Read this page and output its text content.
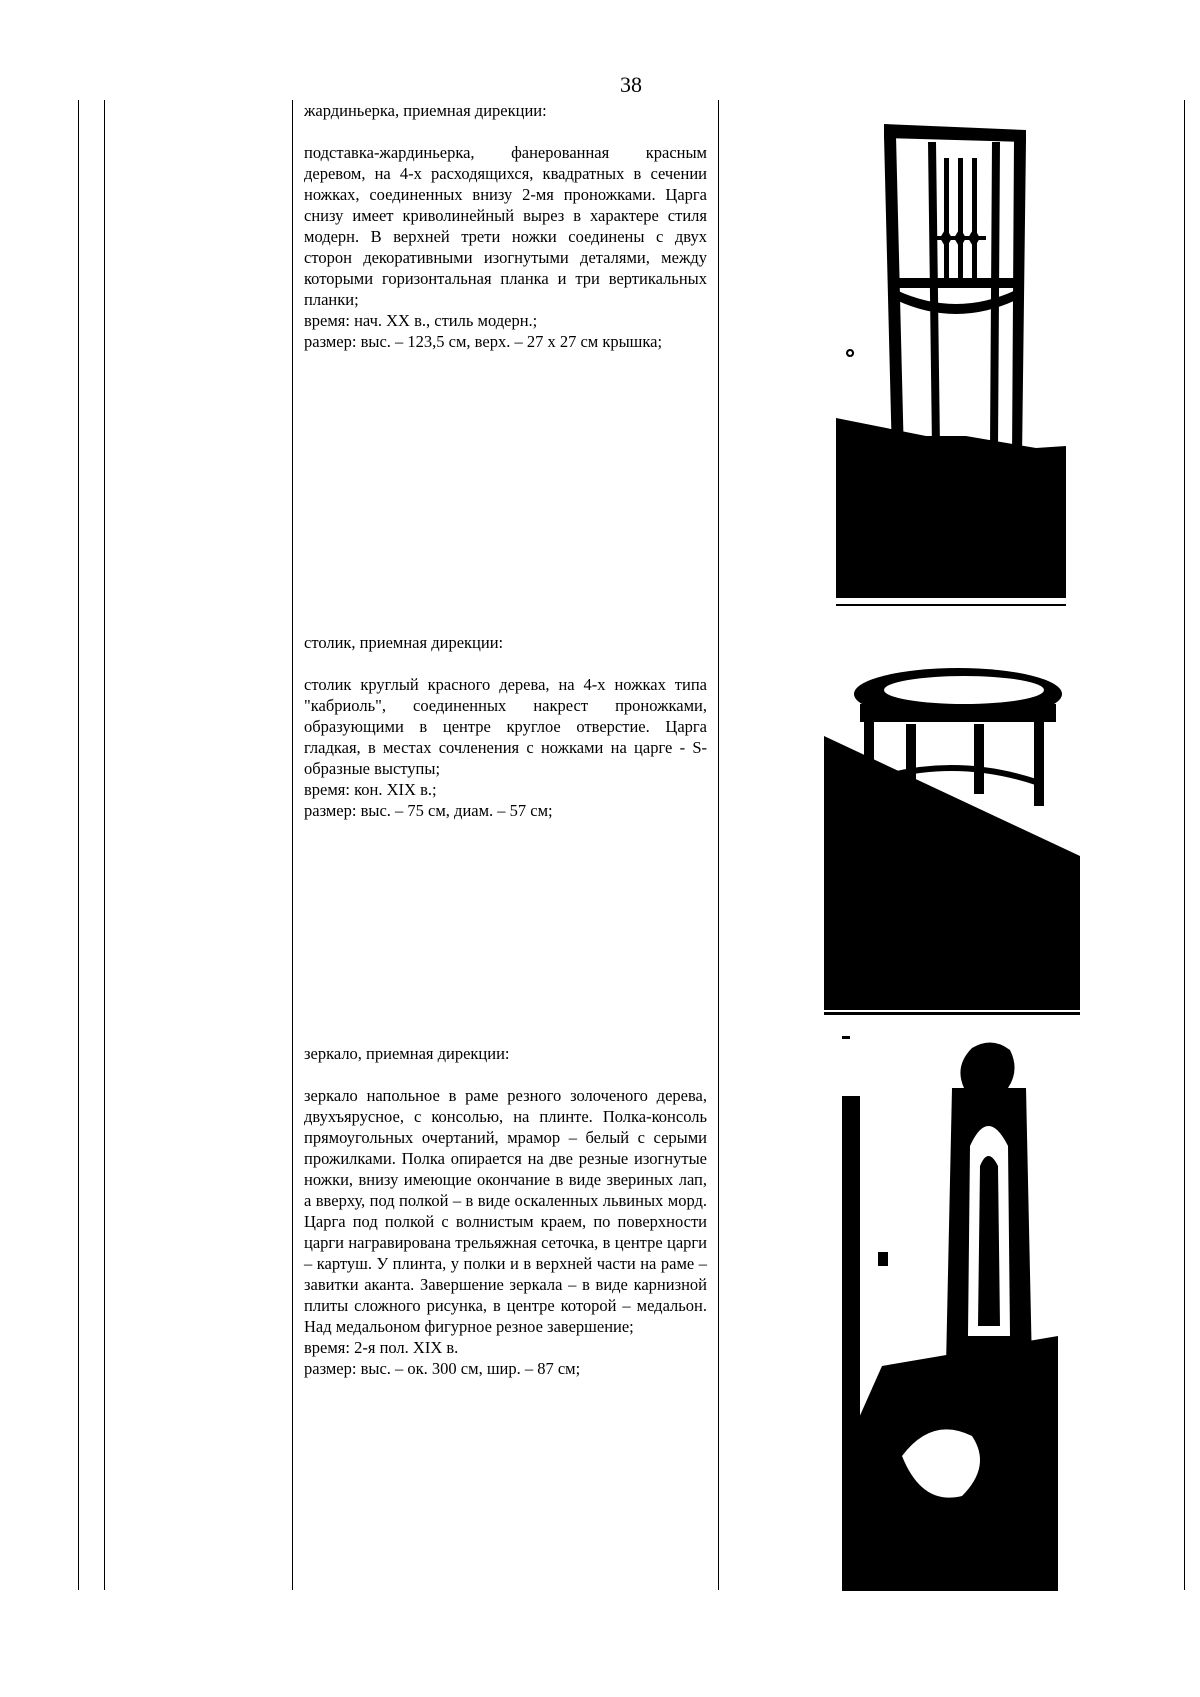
38

жардиньерка, приемная дирекции:

подставка-жардиньерка, фанерованная красным деревом, на 4-х расходящихся, квадратных в сечении ножках, соединенных внизу 2-мя проножками. Царга снизу имеет криволинейный вырез в характере стиля модерн. В верхней трети ножки соединены с двух сторон декоративными изогнутыми деталями, между которыми горизонтальная планка и три вертикальных планки;

время: нач. XX в., стиль модерн.;

размер: выс. – 123,5 см, верх. – 27 х 27 см крышка;

столик, приемная дирекции:

столик круглый красного дерева, на 4-х ножках типа "кабриоль", соединенных накрест проножками, образующими в центре круглое отверстие. Царга гладкая, в местах сочленения с ножками на царге - S-образные выступы;

время: кон. XIX в.;

размер: выс. – 75 см, диам. – 57 см;

зеркало, приемная дирекции:

зеркало напольное в раме резного золоченого дерева, двухъярусное, с консолью, на плинте. Полка-консоль прямоугольных очертаний, мрамор – белый с серыми прожилками. Полка опирается на две резные изогнутые ножки, внизу имеющие окончание в виде звериных лап, а вверху, под полкой – в виде оскаленных львиных морд. Царга под полкой с волнистым краем, по поверхности царги награвирована трельяжная сеточка, в центре царги – картуш. У плинта, у полки и в верхней части на раме – завитки аканта. Завершение зеркала – в виде карнизной плиты сложного рисунка, в центре которой – медальон. Над медальоном фигурное резное завершение;

время: 2-я пол. XIX в.

размер: выс. – ок. 300 см, шир. – 87 см;
